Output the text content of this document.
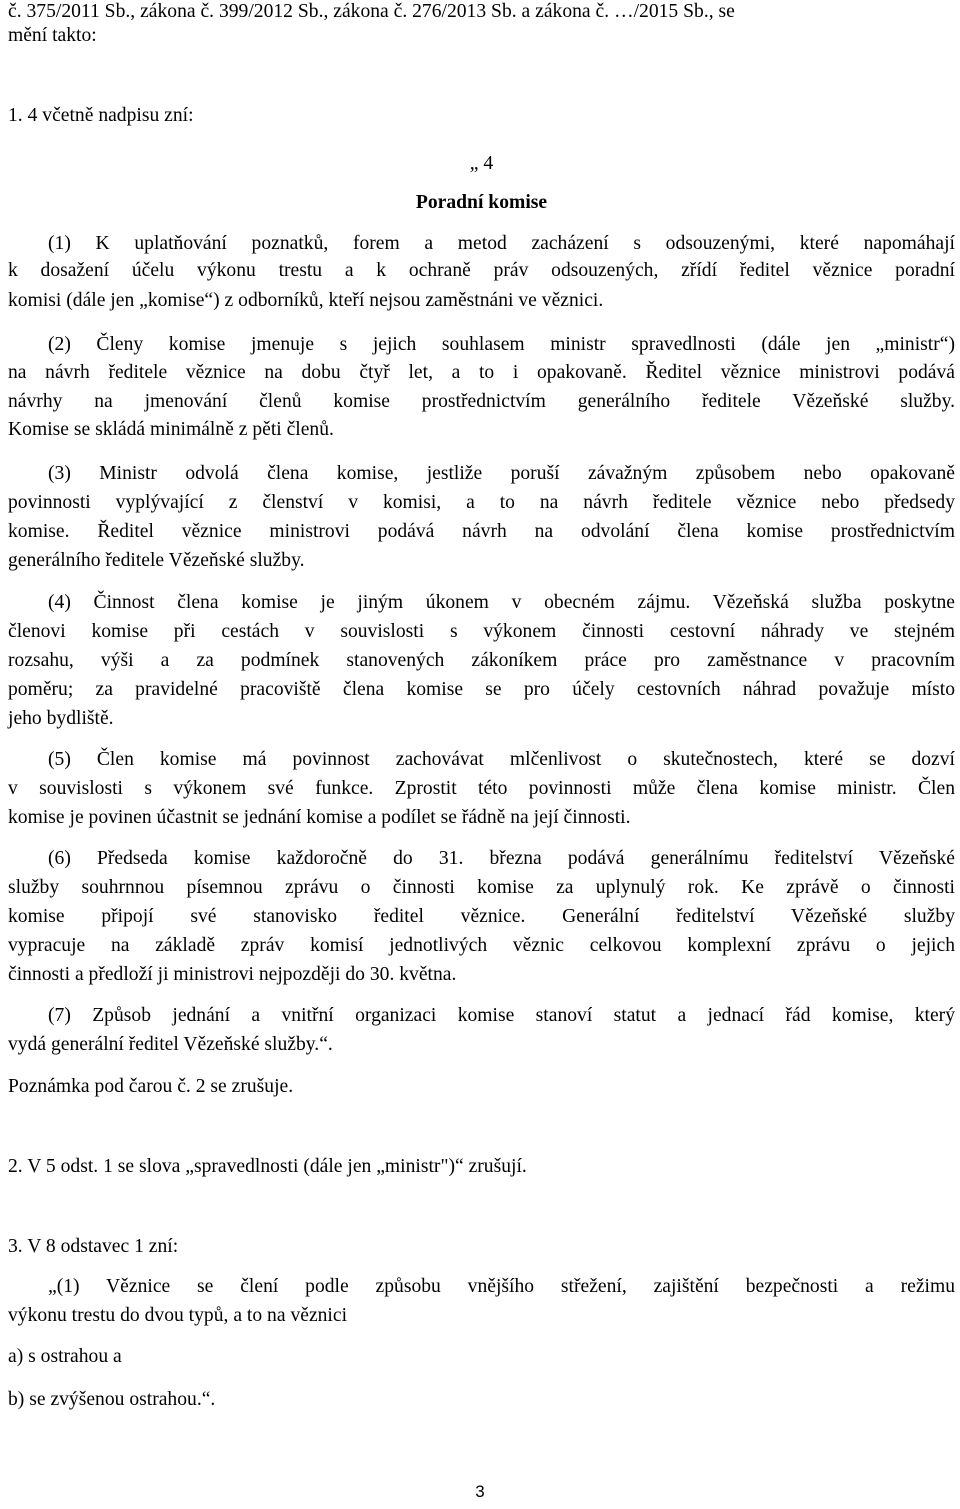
č. 375/2011 Sb., zákona č. 399/2012 Sb., zákona č. 276/2013 Sb. a zákona č. …/2015 Sb., se
mění takto:
1. 4 včetně nadpisu zní:
„ 4
Poradní komise
(1) K uplatňování poznatků, forem a metod zacházení s odsouzenými, které napomáhají
k dosažení účelu výkonu trestu a k ochraně práv odsouzených, zřídí ředitel věznice poradní
komisi (dále jen „komise“) z odborníků, kteří nejsou zaměstnáni ve věznici.
(2) Členy komise jmenuje s jejich souhlasem ministr spravedlnosti (dále jen „ministr“)
na návrh ředitele věznice na dobu čtyř let, a to i opakovaně. Ředitel věznice ministrovi podává
návrhy na jmenování členů komise prostřednictvím generálního ředitele Vězeňské služby.
Komise se skládá minimálně z pěti členů.
(3) Ministr odvolá člena komise, jestliže poruší závažným způsobem nebo opakovaně
povinnosti vyplývající z členství v komisi, a to na návrh ředitele věznice nebo předsedy
komise. Ředitel věznice ministrovi podává návrh na odvolání člena komise prostřednictvím
generálního ředitele Vězeňské služby.
(4) Činnost člena komise je jiným úkonem v obecném zájmu. Vězeňská služba poskytne
členovi komise při cestách v souvislosti s výkonem činnosti cestovní náhrady ve stejném
rozsahu, výši a za podmínek stanovených zákoníkem práce pro zaměstnance v pracovním
poměru; za pravidelné pracoviště člena komise se pro účely cestovních náhrad považuje místo
jeho bydliště.
(5) Člen komise má povinnost zachovávat mlčenlivost o skutečnostech, které se dozví
v souvislosti s výkonem své funkce. Zprostit této povinnosti může člena komise ministr. Člen
komise je povinen účastnit se jednání komise a podílet se řádně na její činnosti.
(6) Předseda komise každoročně do 31. března podává generálnímu ředitelství Vězeňské
služby souhrnnou písemnou zprávu o činnosti komise za uplynulý rok. Ke zprávě o činnosti
komise připojí své stanovisko ředitel věznice. Generální ředitelství Vězeňské služby
vypracuje na základě zpráv komisí jednotlivých věznic celkovou komplexní zprávu o jejich
činnosti a předloží ji ministrovi nejpozději do 30. května.
(7) Způsob jednání a vnitřní organizaci komise stanoví statut a jednací řád komise, který
vydá generální ředitel Vězeňské služby.“.
Poznámka pod čarou č. 2 se zrušuje.
2. V 5 odst. 1 se slova „spravedlnosti (dále jen „ministr")“ zrušují.
3. V 8 odstavec 1 zní:
„(1) Věznice se člení podle způsobu vnějšího střežení, zajištění bezpečnosti a režimu
výkonu trestu do dvou typů, a to na věznici
a) s ostrahou a
b) se zvýšenou ostrahou.“.
3
